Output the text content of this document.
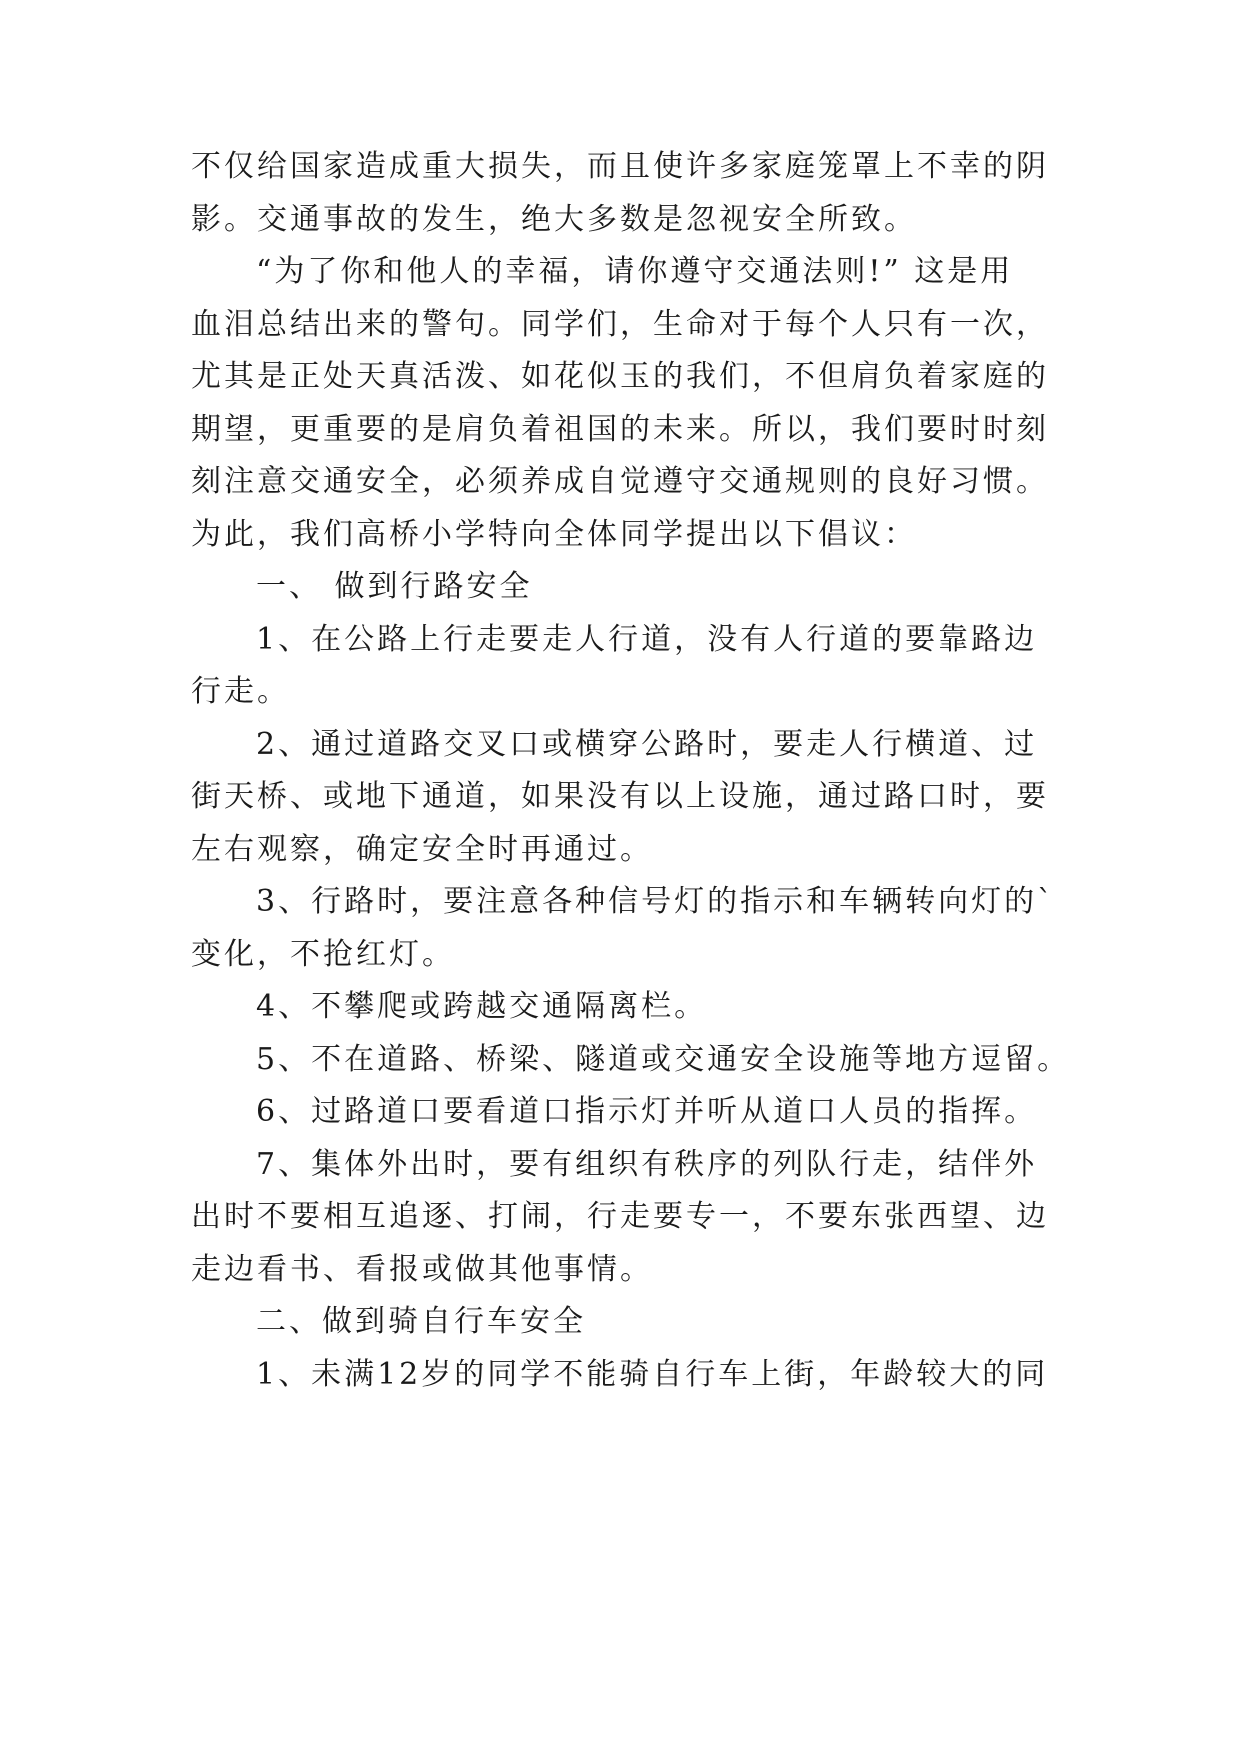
不仅给国家造成重大损失，而且使许多家庭笼罩上不幸的阴
影。交通事故的发生，绝大多数是忽视安全所致。
“为了你和他人的幸福，请你遵守交通法则!” 这是用
血泪总结出来的警句。同学们，生命对于每个人只有一次，
尤其是正处天真活泼、如花似玉的我们，不但肩负着家庭的
期望，更重要的是肩负着祖国的未来。所以，我们要时时刻
刻注意交通安全，必须养成自觉遵守交通规则的良好习惯。
为此，我们高桥小学特向全体同学提出以下倡议：
一、 做到行路安全
1、在公路上行走要走人行道，没有人行道的要靠路边
行走。
2、通过道路交叉口或横穿公路时，要走人行横道、过
街天桥、或地下通道，如果没有以上设施，通过路口时，要
左右观察，确定安全时再通过。
3、行路时，要注意各种信号灯的指示和车辆转向灯的`
变化，不抢红灯。
4、不攀爬或跨越交通隔离栏。
5、不在道路、桥梁、隧道或交通安全设施等地方逗留。
6、过路道口要看道口指示灯并听从道口人员的指挥。
7、集体外出时，要有组织有秩序的列队行走，结伴外
出时不要相互追逐、打闹，行走要专一，不要东张西望、边
走边看书、看报或做其他事情。
二、做到骑自行车安全
1、未满12岁的同学不能骑自行车上街，年龄较大的同
